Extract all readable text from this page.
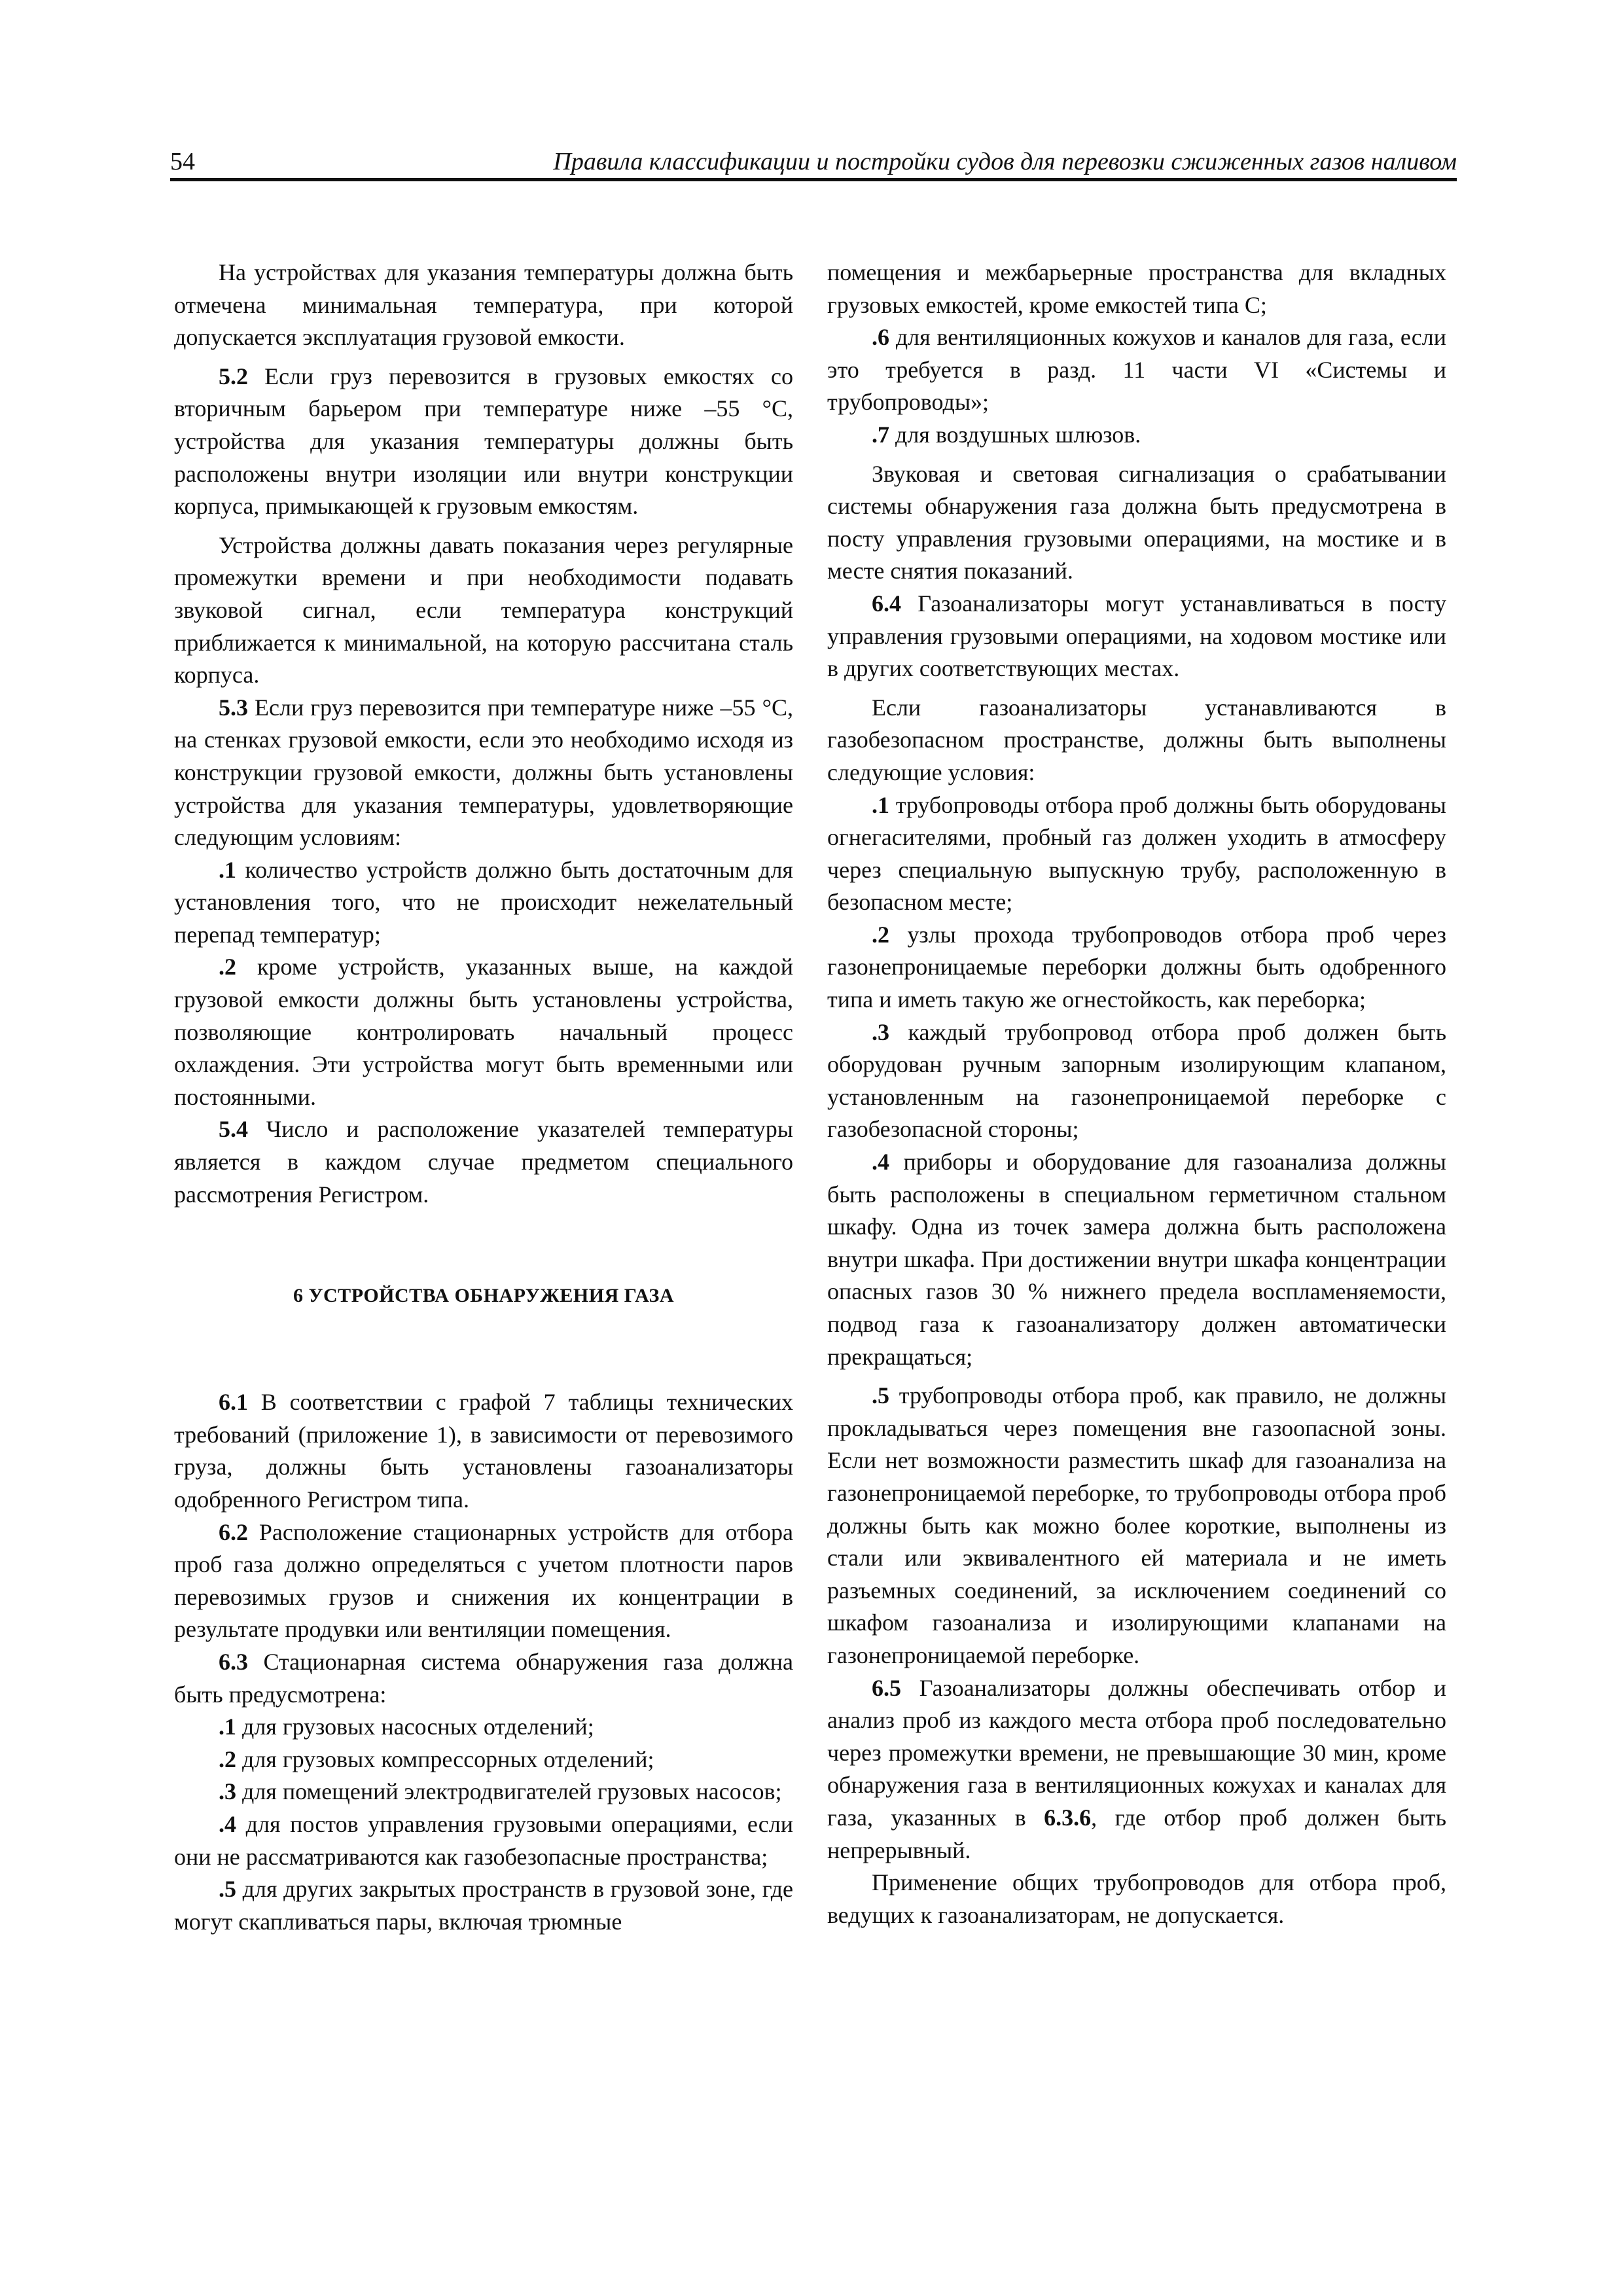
54	Правила классификации и постройки судов для перевозки сжиженных газов наливом

На устройствах для указания температуры должна быть отмечена минимальная температура, при которой допускается эксплуатация грузовой емкости.

5.2 Если груз перевозится в грузовых емкостях со вторичным барьером при температуре ниже –55 °С, устройства для указания температуры должны быть расположены внутри изоляции или внутри конструкции корпуса, примыкающей к грузовым емкостям.

Устройства должны давать показания через регулярные промежутки времени и при необходимости подавать звуковой сигнал, если температура конструкций приближается к минимальной, на которую рассчитана сталь корпуса.

5.3 Если груз перевозится при температуре ниже –55 °С, на стенках грузовой емкости, если это необходимо исходя из конструкции грузовой емкости, должны быть установлены устройства для указания температуры, удовлетворяющие следующим условиям:

.1 количество устройств должно быть достаточным для установления того, что не происходит нежелательный перепад температур;

.2 кроме устройств, указанных выше, на каждой грузовой емкости должны быть установлены устройства, позволяющие контролировать начальный процесс охлаждения. Эти устройства могут быть временными или постоянными.

5.4 Число и расположение указателей температуры является в каждом случае предметом специального рассмотрения Регистром.

6 УСТРОЙСТВА ОБНАРУЖЕНИЯ ГАЗА

6.1 В соответствии с графой 7 таблицы технических требований (приложение 1), в зависимости от перевозимого груза, должны быть установлены газоанализаторы одобренного Регистром типа.

6.2 Расположение стационарных устройств для отбора проб газа должно определяться с учетом плотности паров перевозимых грузов и снижения их концентрации в результате продувки или вентиляции помещения.

6.3 Стационарная система обнаружения газа должна быть предусмотрена:

.1 для грузовых насосных отделений;

.2 для грузовых компрессорных отделений;

.3 для помещений электродвигателей грузовых насосов;

.4 для постов управления грузовыми операциями, если они не рассматриваются как газобезопасные пространства;

.5 для других закрытых пространств в грузовой зоне, где могут скапливаться пары, включая трюмные

помещения и межбарьерные пространства для вкладных грузовых емкостей, кроме емкостей типа С;

.6 для вентиляционных кожухов и каналов для газа, если это требуется в разд. 11 части VI «Системы и трубопроводы»;

.7 для воздушных шлюзов.

Звуковая и световая сигнализация о срабатывании системы обнаружения газа должна быть предусмотрена в посту управления грузовыми операциями, на мостике и в месте снятия показаний.

6.4 Газоанализаторы могут устанавливаться в посту управления грузовыми операциями, на ходовом мостике или в других соответствующих местах.

Если газоанализаторы устанавливаются в газобезопасном пространстве, должны быть выполнены следующие условия:

.1 трубопроводы отбора проб должны быть оборудованы огнегасителями, пробный газ должен уходить в атмосферу через специальную выпускную трубу, расположенную в безопасном месте;

.2 узлы прохода трубопроводов отбора проб через газонепроницаемые переборки должны быть одобренного типа и иметь такую же огнестойкость, как переборка;

.3 каждый трубопровод отбора проб должен быть оборудован ручным запорным изолирующим клапаном, установленным на газонепроницаемой переборке с газобезопасной стороны;

.4 приборы и оборудование для газоанализа должны быть расположены в специальном герметичном стальном шкафу. Одна из точек замера должна быть расположена внутри шкафа. При достижении внутри шкафа концентрации опасных газов 30 % нижнего предела воспламеняемости, подвод газа к газоанализатору должен автоматически прекращаться;

.5 трубопроводы отбора проб, как правило, не должны прокладываться через помещения вне газоопасной зоны. Если нет возможности разместить шкаф для газоанализа на газонепроницаемой переборке, то трубопроводы отбора проб должны быть как можно более короткие, выполнены из стали или эквивалентного ей материала и не иметь разъемных соединений, за исключением соединений со шкафом газоанализа и изолирующими клапанами на газонепроницаемой переборке.

6.5 Газоанализаторы должны обеспечивать отбор и анализ проб из каждого места отбора проб последовательно через промежутки времени, не превышающие 30 мин, кроме обнаружения газа в вентиляционных кожухах и каналах для газа, указанных в 6.3.6, где отбор проб должен быть непрерывный.

Применение общих трубопроводов для отбора проб, ведущих к газоанализаторам, не допускается.
